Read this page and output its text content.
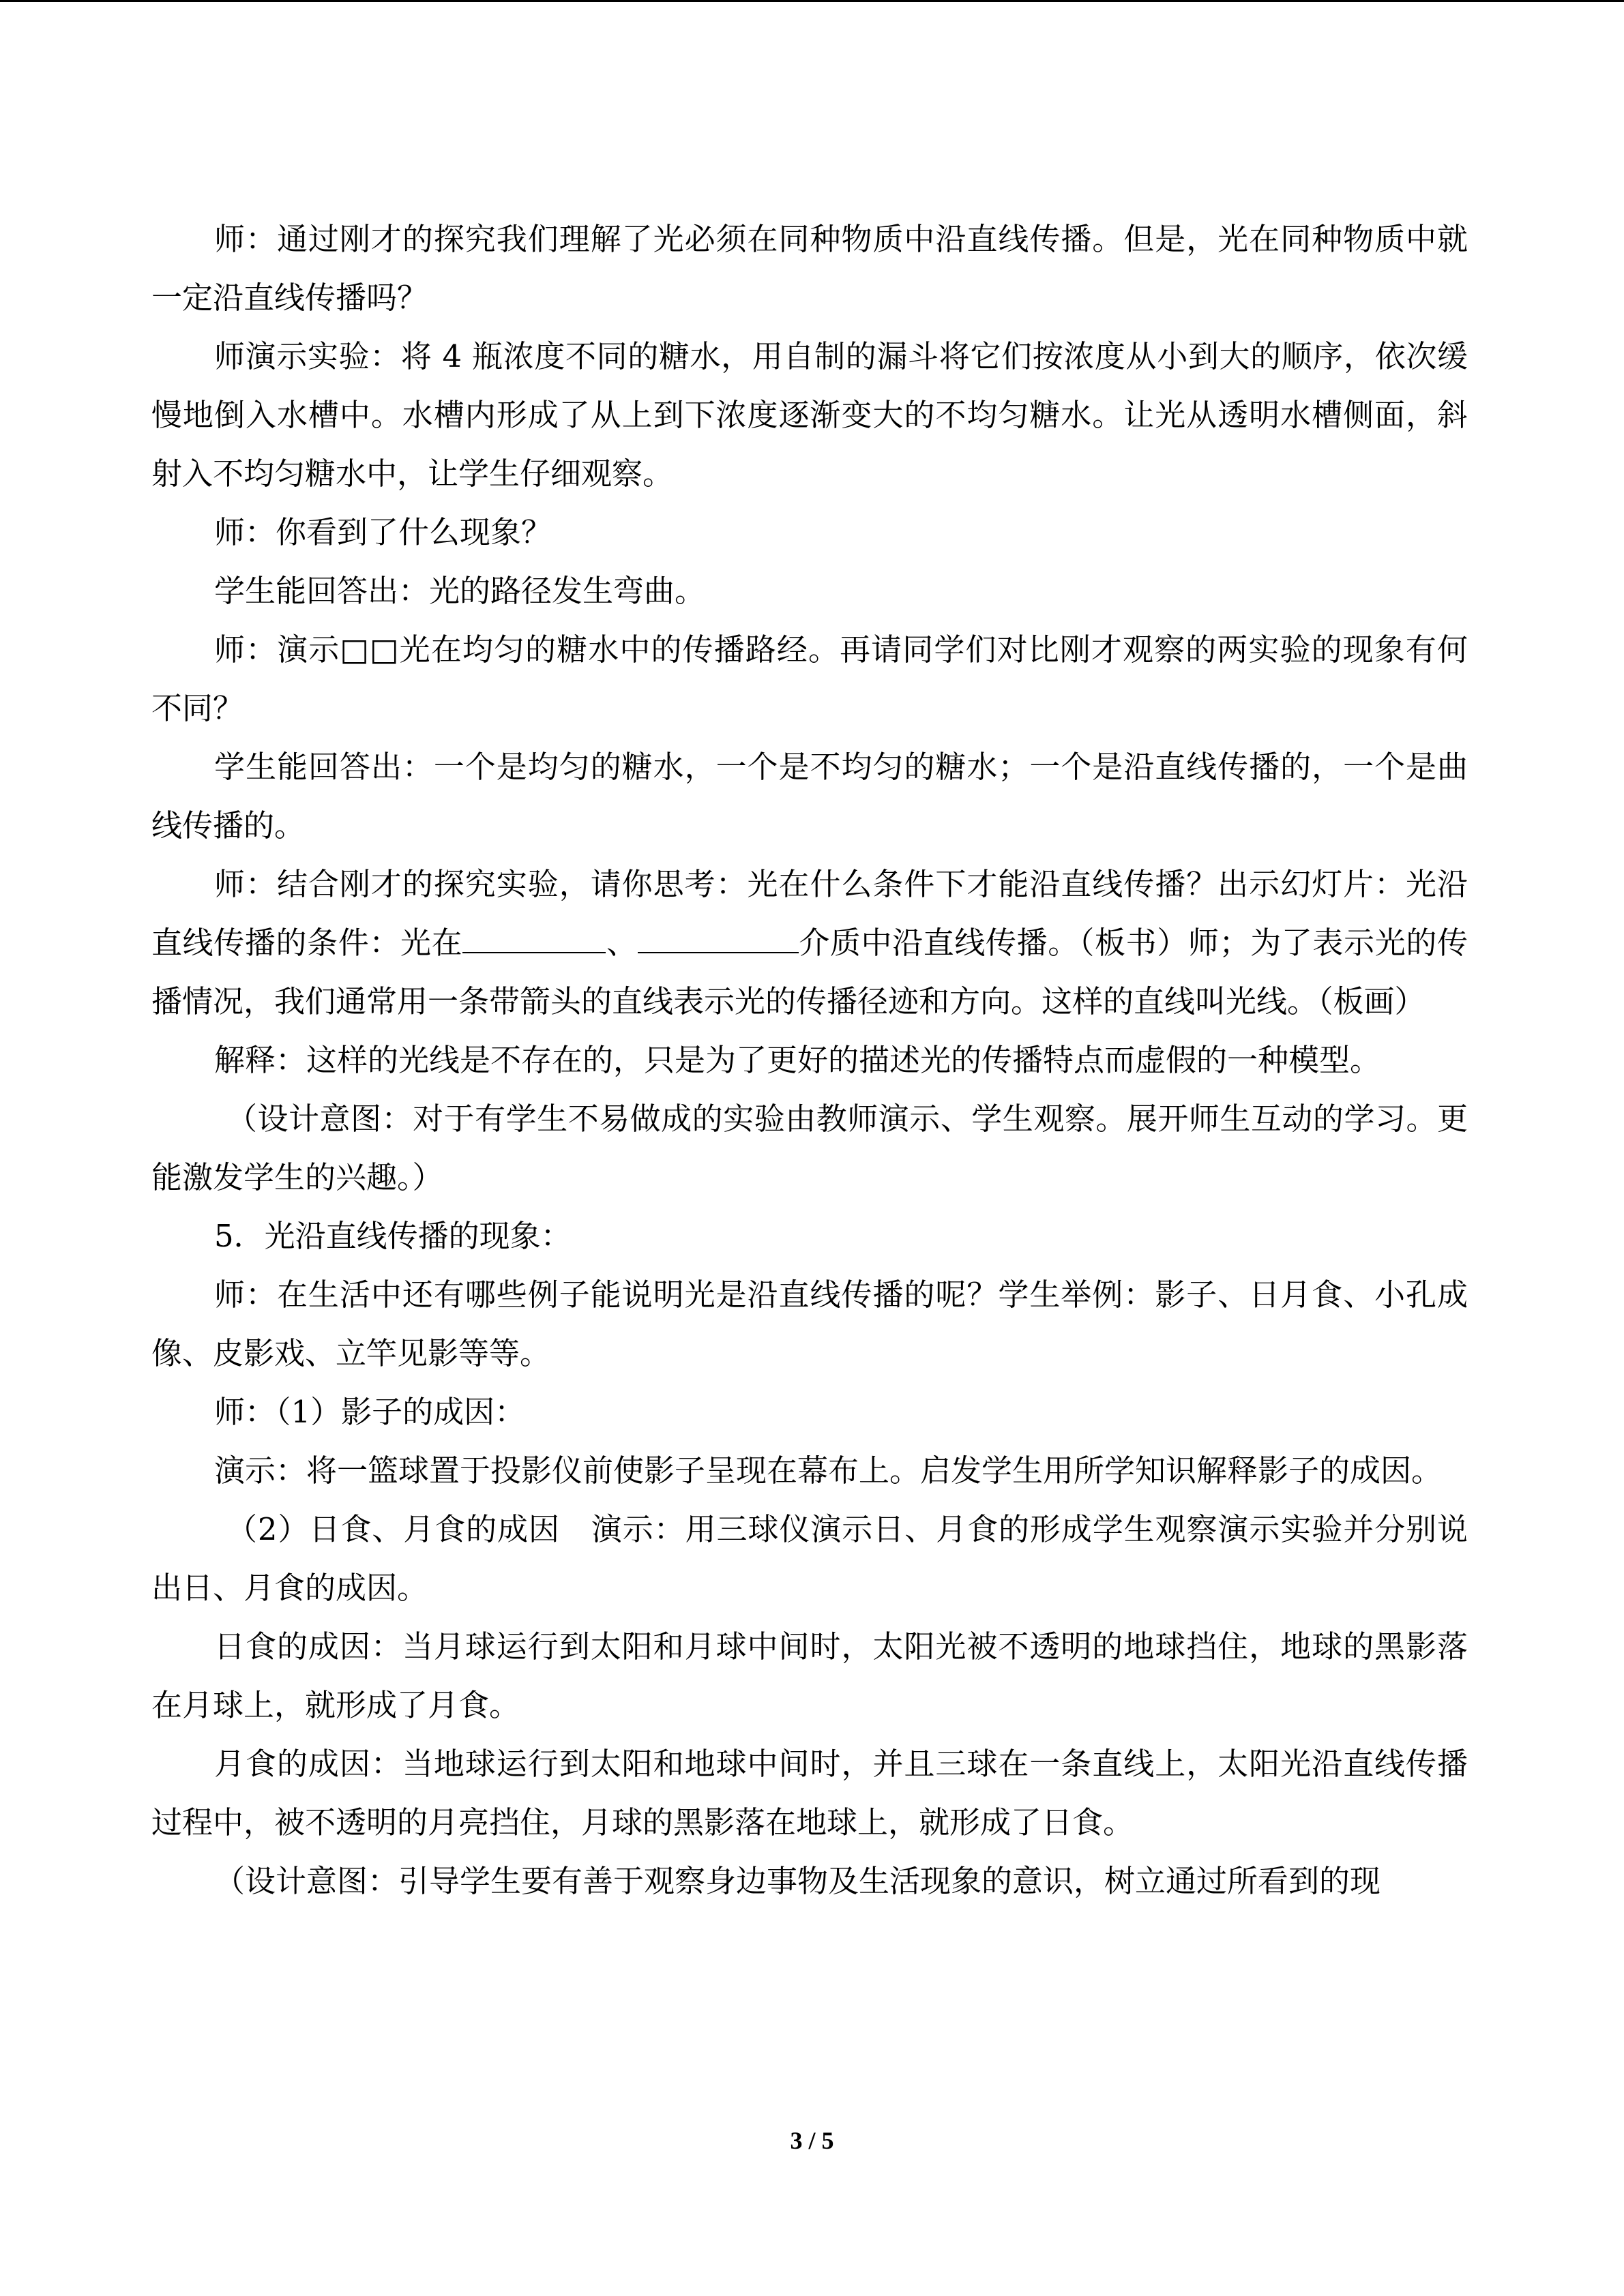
师：通过刚才的探究我们理解了光必须在同种物质中沿直线传播。但是，光在同种物质中就一定沿直线传播吗？

师演示实验：将 4 瓶浓度不同的糖水，用自制的漏斗将它们按浓度从小到大的顺序，依次缓慢地倒入水槽中。水槽内形成了从上到下浓度逐渐变大的不均匀糖水。让光从透明水槽侧面，斜射入不均匀糖水中，让学生仔细观察。

师：你看到了什么现象？

学生能回答出：光的路径发生弯曲。

师：演示□□光在均匀的糖水中的传播路经。再请同学们对比刚才观察的两实验的现象有何不同？

学生能回答出：一个是均匀的糖水，一个是不均匀的糖水；一个是沿直线传播的，一个是曲线传播的。

师：结合刚才的探究实验，请你思考：光在什么条件下才能沿直线传播？出示幻灯片：光沿直线传播的条件：光在	、	介质中沿直线传播。（板书）师；为了表示光的传播情况，我们通常用一条带箭头的直线表示光的传播径迹和方向。这样的直线叫光线。（板画）

解释：这样的光线是不存在的，只是为了更好的描述光的传播特点而虚假的一种模型。

（设计意图：对于有学生不易做成的实验由教师演示、学生观察。展开师生互动的学习。更能激发学生的兴趣。）

5．光沿直线传播的现象：

师：在生活中还有哪些例子能说明光是沿直线传播的呢？学生举例：影子、日月食、小孔成像、皮影戏、立竿见影等等。

师：（1）影子的成因：

演示：将一篮球置于投影仪前使影子呈现在幕布上。启发学生用所学知识解释影子的成因。

（2）日食、月食的成因　演示：用三球仪演示日、月食的形成学生观察演示实验并分别说出日、月食的成因。

日食的成因：当月球运行到太阳和月球中间时，太阳光被不透明的地球挡住，地球的黑影落在月球上，就形成了月食。

月食的成因：当地球运行到太阳和地球中间时，并且三球在一条直线上，太阳光沿直线传播过程中，被不透明的月亮挡住，月球的黑影落在地球上，就形成了日食。

（设计意图：引导学生要有善于观察身边事物及生活现象的意识，树立通过所看到的现

3 / 5
